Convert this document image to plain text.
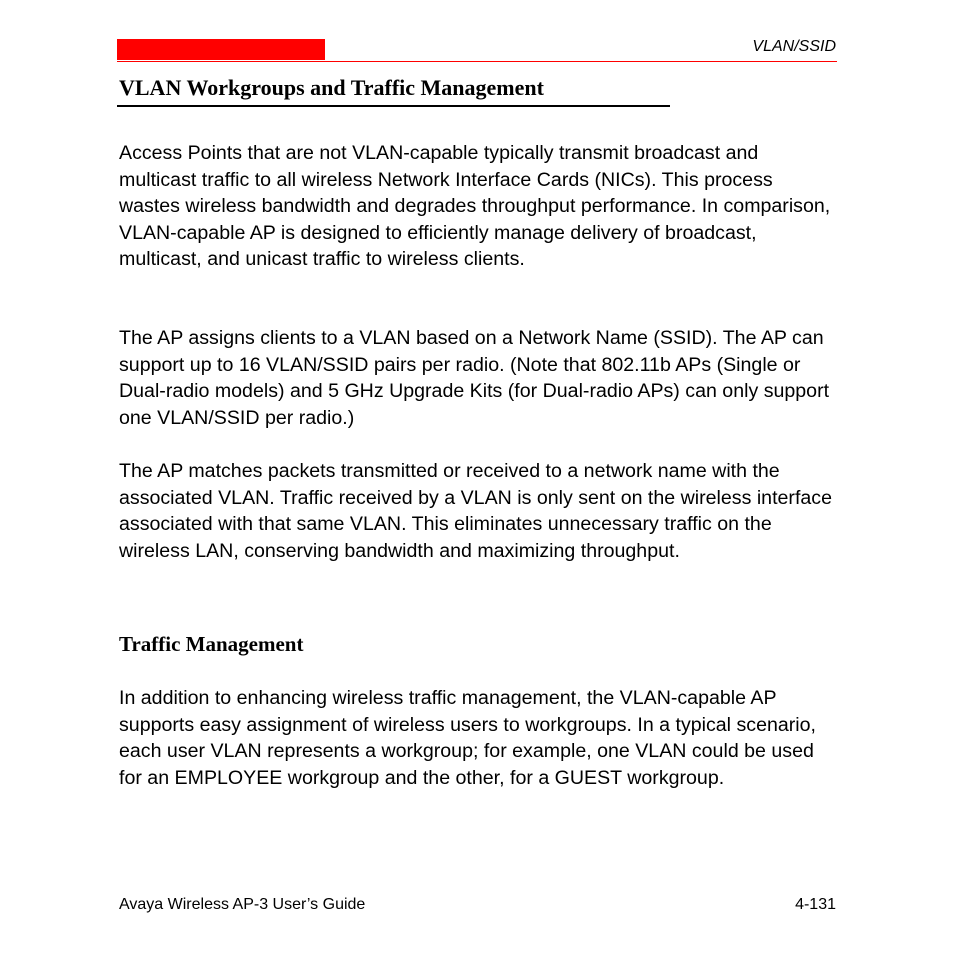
VLAN/SSID
VLAN Workgroups and Traffic Management

Access Points that are not VLAN-capable typically transmit broadcast and multicast traffic to all wireless Network Interface Cards (NICs). This process wastes wireless bandwidth and degrades throughput performance. In comparison, VLAN-capable AP is designed to efficiently manage delivery of broadcast, multicast, and unicast traffic to wireless clients.

The AP assigns clients to a VLAN based on a Network Name (SSID). The AP can support up to 16 VLAN/SSID pairs per radio. (Note that 802.11b APs (Single or Dual-radio models) and 5 GHz Upgrade Kits (for Dual-radio APs) can only support one VLAN/SSID per radio.)

The AP matches packets transmitted or received to a network name with the associated VLAN. Traffic received by a VLAN is only sent on the wireless interface associated with that same VLAN. This eliminates unnecessary traffic on the wireless LAN, conserving bandwidth and maximizing throughput.

Traffic Management

In addition to enhancing wireless traffic management, the VLAN-capable AP supports easy assignment of wireless users to workgroups. In a typical scenario, each user VLAN represents a workgroup; for example, one VLAN could be used for an EMPLOYEE workgroup and the other, for a GUEST workgroup.

Avaya Wireless AP-3 User’s Guide	4-131
